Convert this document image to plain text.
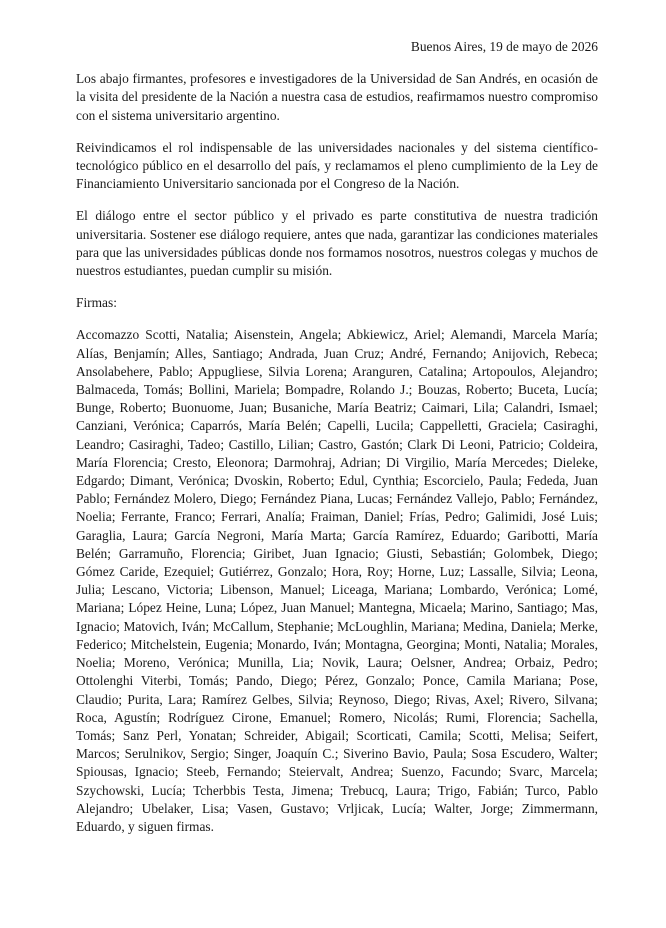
Buenos Aires, 19 de mayo de 2026

Los abajo firmantes, profesores e investigadores de la Universidad de San Andrés, en ocasión de la visita del presidente de la Nación a nuestra casa de estudios, reafirmamos nuestro compromiso con el sistema universitario argentino.

Reivindicamos el rol indispensable de las universidades nacionales y del sistema científico-tecnológico público en el desarrollo del país, y reclamamos el pleno cumplimiento de la Ley de Financiamiento Universitario sancionada por el Congreso de la Nación.

El diálogo entre el sector público y el privado es parte constitutiva de nuestra tradición universitaria. Sostener ese diálogo requiere, antes que nada, garantizar las condiciones materiales para que las universidades públicas donde nos formamos nosotros, nuestros colegas y muchos de nuestros estudiantes, puedan cumplir su misión.

Firmas:

Accomazzo Scotti, Natalia; Aisenstein, Angela; Abkiewicz, Ariel; Alemandi, Marcela María; Alías, Benjamín; Alles, Santiago; Andrada, Juan Cruz; André, Fernando; Anijovich, Rebeca; Ansolabehere, Pablo; Appugliese, Silvia Lorena; Aranguren, Catalina; Artopoulos, Alejandro; Balmaceda, Tomás; Bollini, Mariela; Bompadre, Rolando J.; Bouzas, Roberto; Buceta, Lucía; Bunge, Roberto; Buonuome, Juan; Busaniche, María Beatriz; Caimari, Lila; Calandri, Ismael; Canziani, Verónica; Caparrós, María Belén; Capelli, Lucila; Cappelletti, Graciela; Casiraghi, Leandro; Casiraghi, Tadeo; Castillo, Lilian; Castro, Gastón; Clark Di Leoni, Patricio; Coldeira, María Florencia; Cresto, Eleonora; Darmohraj, Adrian; Di Virgilio, María Mercedes; Dieleke, Edgardo; Dimant, Verónica; Dvoskin, Roberto; Edul, Cynthia; Escorcielo, Paula; Fededa, Juan Pablo; Fernández Molero, Diego; Fernández Piana, Lucas; Fernández Vallejo, Pablo; Fernández, Noelia; Ferrante, Franco; Ferrari, Analía; Fraiman, Daniel; Frías, Pedro; Galimidi, José Luis; Garaglia, Laura; García Negroni, María Marta; García Ramírez, Eduardo; Garibotti, María Belén; Garramuño, Florencia; Giribet, Juan Ignacio; Giusti, Sebastián; Golombek, Diego; Gómez Caride, Ezequiel; Gutiérrez, Gonzalo; Hora, Roy; Horne, Luz; Lassalle, Silvia; Leona, Julia; Lescano, Victoria; Libenson, Manuel; Liceaga, Mariana; Lombardo, Verónica; Lomé, Mariana; López Heine, Luna; López, Juan Manuel; Mantegna, Micaela; Marino, Santiago; Mas, Ignacio; Matovich, Iván; McCallum, Stephanie; McLoughlin, Mariana; Medina, Daniela; Merke, Federico; Mitchelstein, Eugenia; Monardo, Iván; Montagna, Georgina; Monti, Natalia; Morales, Noelia; Moreno, Verónica; Munilla, Lia; Novik, Laura; Oelsner, Andrea; Orbaiz, Pedro; Ottolenghi Viterbi, Tomás; Pando, Diego; Pérez, Gonzalo; Ponce, Camila Mariana; Pose, Claudio; Purita, Lara; Ramírez Gelbes, Silvia; Reynoso, Diego; Rivas, Axel; Rivero, Silvana; Roca, Agustín; Rodríguez Cirone, Emanuel; Romero, Nicolás; Rumi, Florencia; Sachella, Tomás; Sanz Perl, Yonatan; Schreider, Abigail; Scorticati, Camila; Scotti, Melisa; Seifert, Marcos; Serulnikov, Sergio; Singer, Joaquín C.; Siverino Bavio, Paula; Sosa Escudero, Walter; Spiousas, Ignacio; Steeb, Fernando; Steiervalt, Andrea; Suenzo, Facundo; Svarc, Marcela; Szychowski, Lucía; Tcherbbis Testa, Jimena; Trebucq, Laura; Trigo, Fabián; Turco, Pablo Alejandro; Ubelaker, Lisa; Vasen, Gustavo; Vrljicak, Lucía; Walter, Jorge; Zimmermann, Eduardo, y siguen firmas.
